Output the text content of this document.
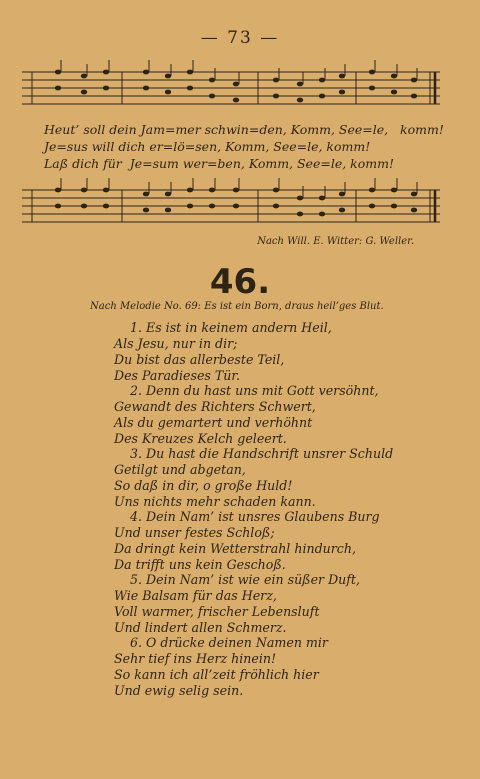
— 73 —
Heut’ soll dein Jam=mer schwin=den, Komm, See=le,   komm!
Je=sus will dich er=lö=sen, Komm, See=le, komm!
Laß dich für  Je=sum wer=ben, Komm, See=le, komm!
Nach Will. E. Witter: G. Weller.
46.
Nach Melodie No. 69: Es ist ein Born, draus heil’ges Blut.
1. Es ist in keinem andern Heil,
Als Jesu, nur in dir;
Du bist das allerbeste Teil,
Des Paradieses Tür.
2. Denn du hast uns mit Gott versöhnt,
Gewandt des Richters Schwert,
Als du gemartert und verhöhnt
Des Kreuzes Kelch geleert.
3. Du hast die Handschrift unsrer Schuld
Getilgt und abgetan,
So daß in dir, o große Huld!
Uns nichts mehr schaden kann.
4. Dein Nam’ ist unsres Glaubens Burg
Und unser festes Schloß;
Da dringt kein Wetterstrahl hindurch,
Da trifft uns kein Geschoß.
5. Dein Nam’ ist wie ein süßer Duft,
Wie Balsam für das Herz,
Voll warmer, frischer Lebensluft
Und lindert allen Schmerz.
6. O drücke deinen Namen mir
Sehr tief ins Herz hinein!
So kann ich all’zeit fröhlich hier
Und ewig selig sein.
